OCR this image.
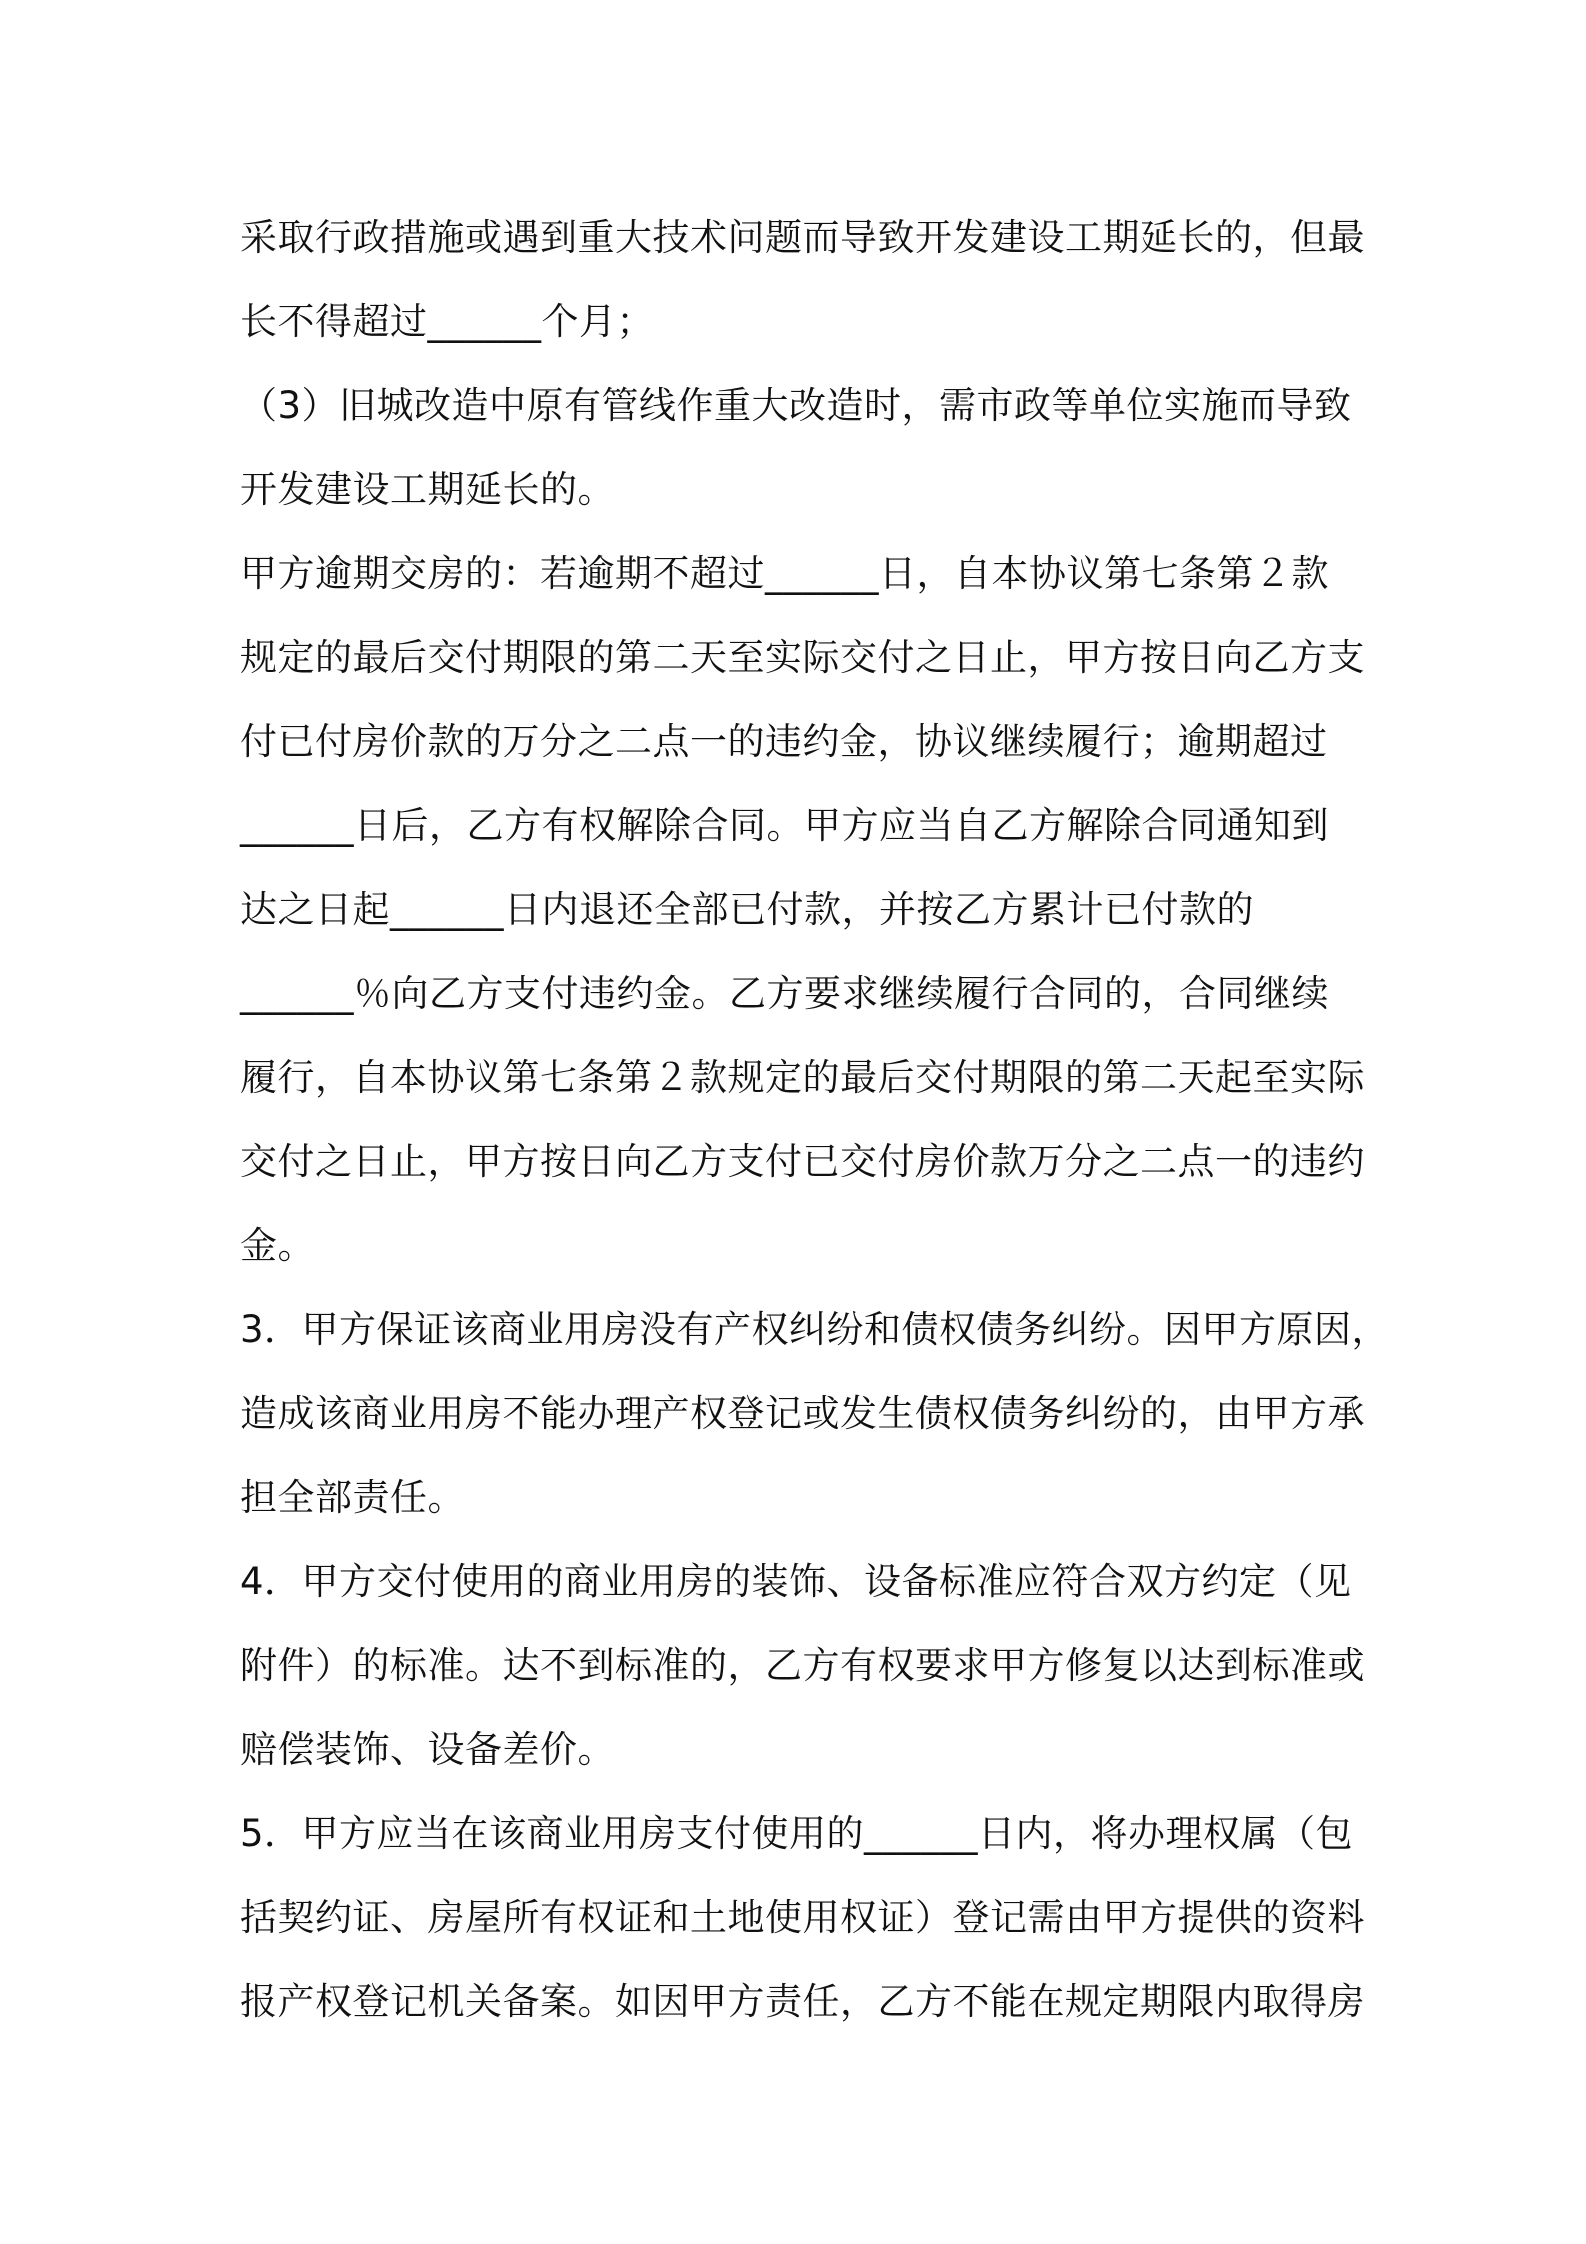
采取行政措施或遇到重大技术问题而导致开发建设工期延长的，但最
长不得超过______个月；
（3）旧城改造中原有管线作重大改造时，需市政等单位实施而导致
开发建设工期延长的。
甲方逾期交房的：若逾期不超过______日，自本协议第七条第２款
规定的最后交付期限的第二天至实际交付之日止，甲方按日向乙方支
付已付房价款的万分之二点一的违约金，协议继续履行；逾期超过
______日后，乙方有权解除合同。甲方应当自乙方解除合同通知到
达之日起______日内退还全部已付款，并按乙方累计已付款的
______％向乙方支付违约金。乙方要求继续履行合同的，合同继续
履行，自本协议第七条第２款规定的最后交付期限的第二天起至实际
交付之日止，甲方按日向乙方支付已交付房价款万分之二点一的违约
金。
3．甲方保证该商业用房没有产权纠纷和债权债务纠纷。因甲方原因，
造成该商业用房不能办理产权登记或发生债权债务纠纷的，由甲方承
担全部责任。
4．甲方交付使用的商业用房的装饰、设备标准应符合双方约定（见
附件）的标准。达不到标准的，乙方有权要求甲方修复以达到标准或
赔偿装饰、设备差价。
5．甲方应当在该商业用房支付使用的______日内，将办理权属（包
括契约证、房屋所有权证和土地使用权证）登记需由甲方提供的资料
报产权登记机关备案。如因甲方责任，乙方不能在规定期限内取得房
